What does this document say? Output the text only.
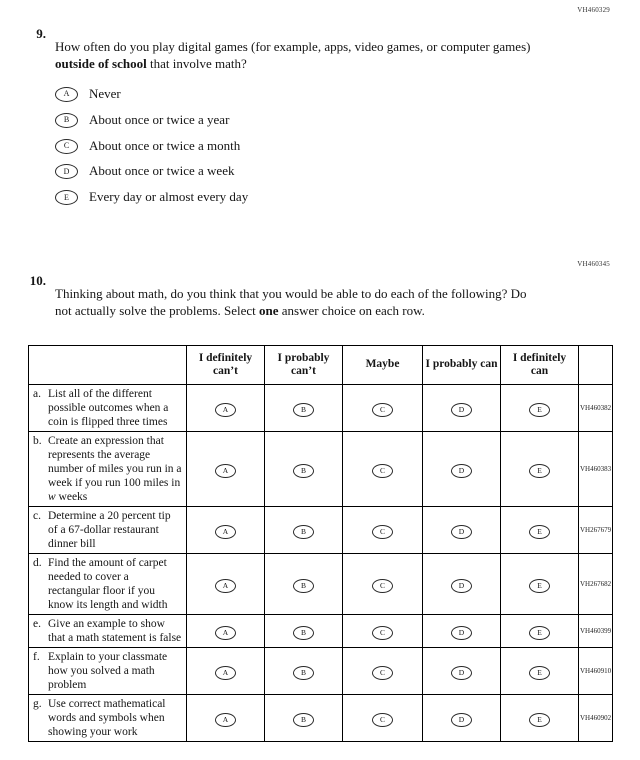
VH460329
9.

How often do you play digital games (for example, apps, video games, or computer games) outside of school that involve math?

A	Never
B	About once or twice a year
C	About once or twice a month
D	About once or twice a week
E	Every day or almost every day
VH460345
10.

Thinking about math, do you think that you would be able to do each of the following? Do not actually solve the problems. Select one answer choice on each row.

	I definitely can’t	I probably can’t	Maybe	I probably can	I definitely can	

a. List all of the different possible outcomes when a coin is flipped three times	A	B	C	D	E	VH460382

b. Create an expression that represents the average number of miles you run in a week if you run 100 miles in w weeks	A	B	C	D	E	VH460383

c. Determine a 20 percent tip of a 67-dollar restaurant dinner bill	A	B	C	D	E	VH267679

d. Find the amount of carpet needed to cover a rectangular floor if you know its length and width	A	B	C	D	E	VH267682

e. Give an example to show that a math statement is false	A	B	C	D	E	VH460399

f. Explain to your classmate how you solved a math problem	A	B	C	D	E	VH460910

g. Use correct mathematical words and symbols when showing your work	A	B	C	D	E	VH460902
